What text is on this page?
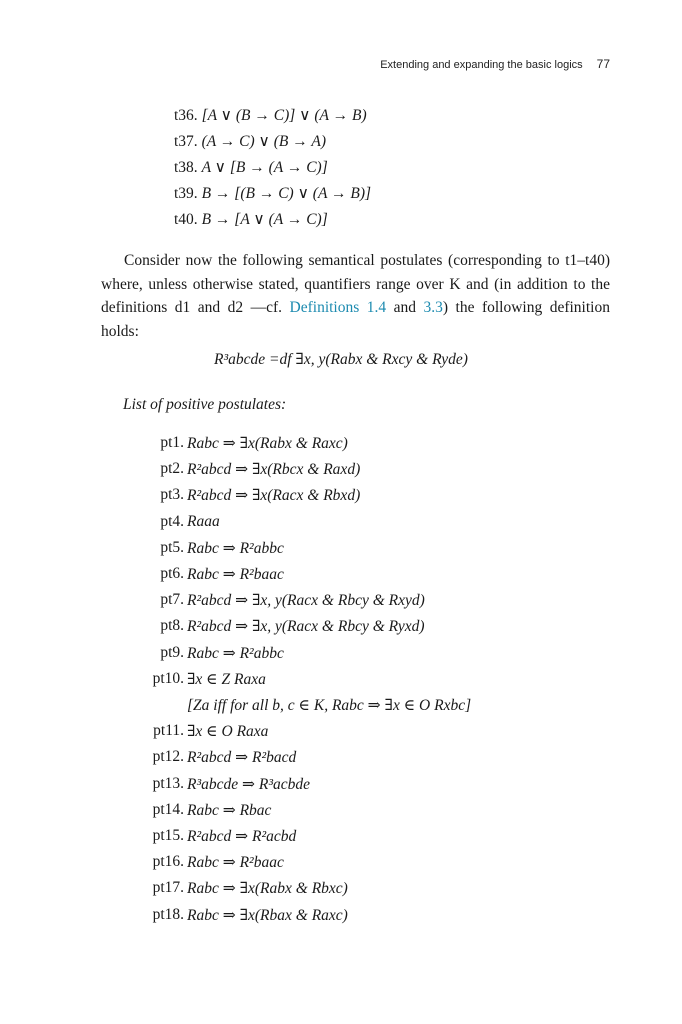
Extending and expanding the basic logics 77
t36. [A ∨ (B → C)] ∨ (A → B)
t37. (A → C) ∨ (B → A)
t38. A ∨ [B → (A → C)]
t39. B → [(B → C) ∨ (A → B)]
t40. B → [A ∨ (A → C)]

Consider now the following semantical postulates (corresponding to t1–t40) where, unless otherwise stated, quantifiers range over K and (in addition to the definitions d1 and d2 —cf. Definitions 1.4 and 3.3) the following definition holds:

R³abcde =df ∃x, y(Rabx & Rxcy & Ryde)
List of positive postulates:
pt1. Rabc ⇒ ∃x(Rabx & Raxc)
pt2. R²abcd ⇒ ∃x(Rbcx & Raxd)
pt3. R²abcd ⇒ ∃x(Racx & Rbxd)
pt4. Raaa
pt5. Rabc ⇒ R²abbc
pt6. Rabc ⇒ R²baac
pt7. R²abcd ⇒ ∃x, y(Racx & Rbcy & Rxyd)
pt8. R²abcd ⇒ ∃x, y(Racx & Rbcy & Ryxd)
pt9. Rabc ⇒ R²abbc
pt10. ∃x ∈ Z Raxa
[Za iff for all b, c ∈ K, Rabc ⇒ ∃x ∈ O Rxbc]
pt11. ∃x ∈ O Raxa
pt12. R²abcd ⇒ R²bacd
pt13. R³abcde ⇒ R³acbde
pt14. Rabc ⇒ Rbac
pt15. R²abcd ⇒ R²acbd
pt16. Rabc ⇒ R²baac
pt17. Rabc ⇒ ∃x(Rabx & Rbxc)
pt18. Rabc ⇒ ∃x(Rbax & Raxc)
